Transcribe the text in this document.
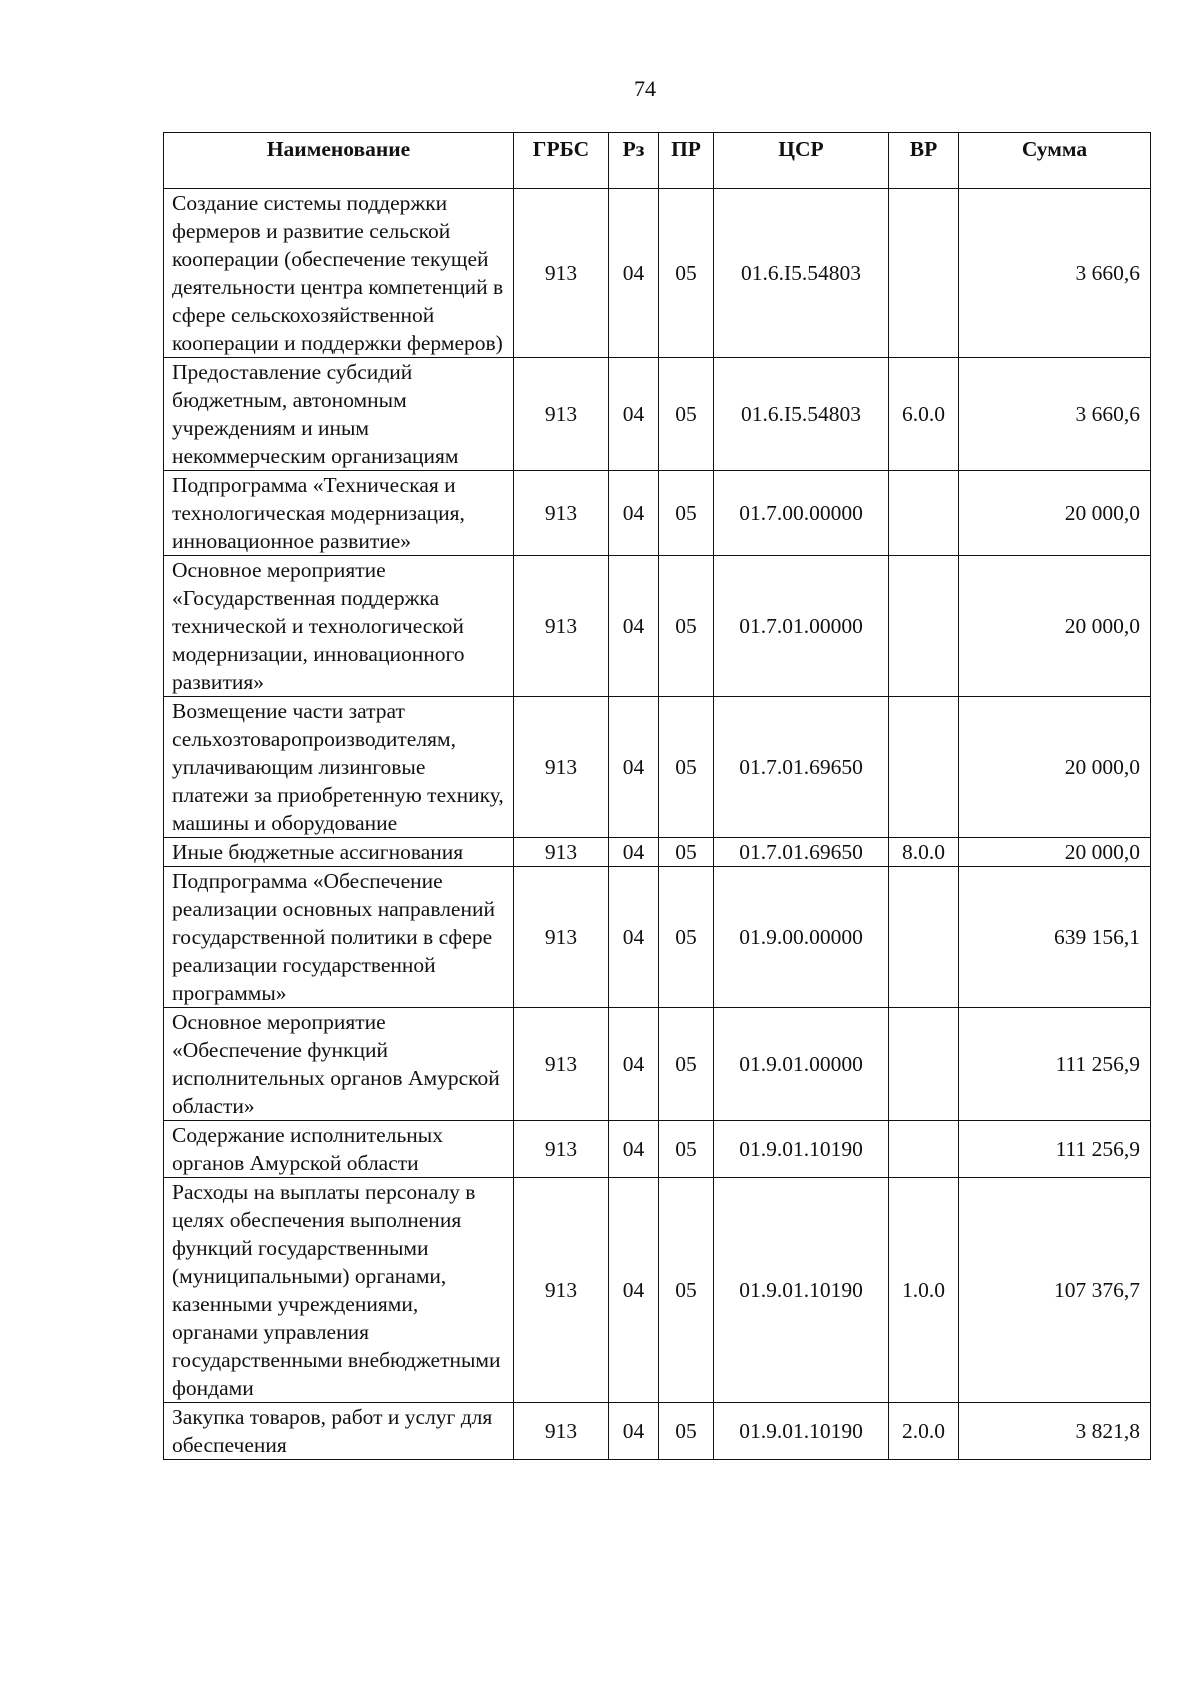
74
Наименование	ГРБС	Рз	ПР	ЦСР	ВР	Сумма
Создание системы поддержки фермеров и развитие сельской кооперации (обеспечение текущей деятельности центра компетенций в сфере сельскохозяйственной кооперации и поддержки фермеров)	913	04	05	01.6.I5.54803		3 660,6
Предоставление субсидий бюджетным, автономным учреждениям и иным некоммерческим организациям	913	04	05	01.6.I5.54803	6.0.0	3 660,6
Подпрограмма «Техническая и технологическая модернизация, инновационное развитие»	913	04	05	01.7.00.00000		20 000,0
Основное мероприятие «Государственная поддержка технической и технологической модернизации, инновационного развития»	913	04	05	01.7.01.00000		20 000,0
Возмещение части затрат сельхозтоваропроизводителям, уплачивающим лизинговые платежи за приобретенную технику, машины и оборудование	913	04	05	01.7.01.69650		20 000,0
Иные бюджетные ассигнования	913	04	05	01.7.01.69650	8.0.0	20 000,0
Подпрограмма «Обеспечение реализации основных направлений государственной политики в сфере реализации государственной программы»	913	04	05	01.9.00.00000		639 156,1
Основное мероприятие «Обеспечение функций исполнительных органов Амурской области»	913	04	05	01.9.01.00000		111 256,9
Содержание исполнительных органов Амурской области	913	04	05	01.9.01.10190		111 256,9
Расходы на выплаты персоналу в целях обеспечения выполнения функций государственными (муниципальными) органами, казенными учреждениями, органами управления государственными внебюджетными фондами	913	04	05	01.9.01.10190	1.0.0	107 376,7
Закупка товаров, работ и услуг для обеспечения	913	04	05	01.9.01.10190	2.0.0	3 821,8
